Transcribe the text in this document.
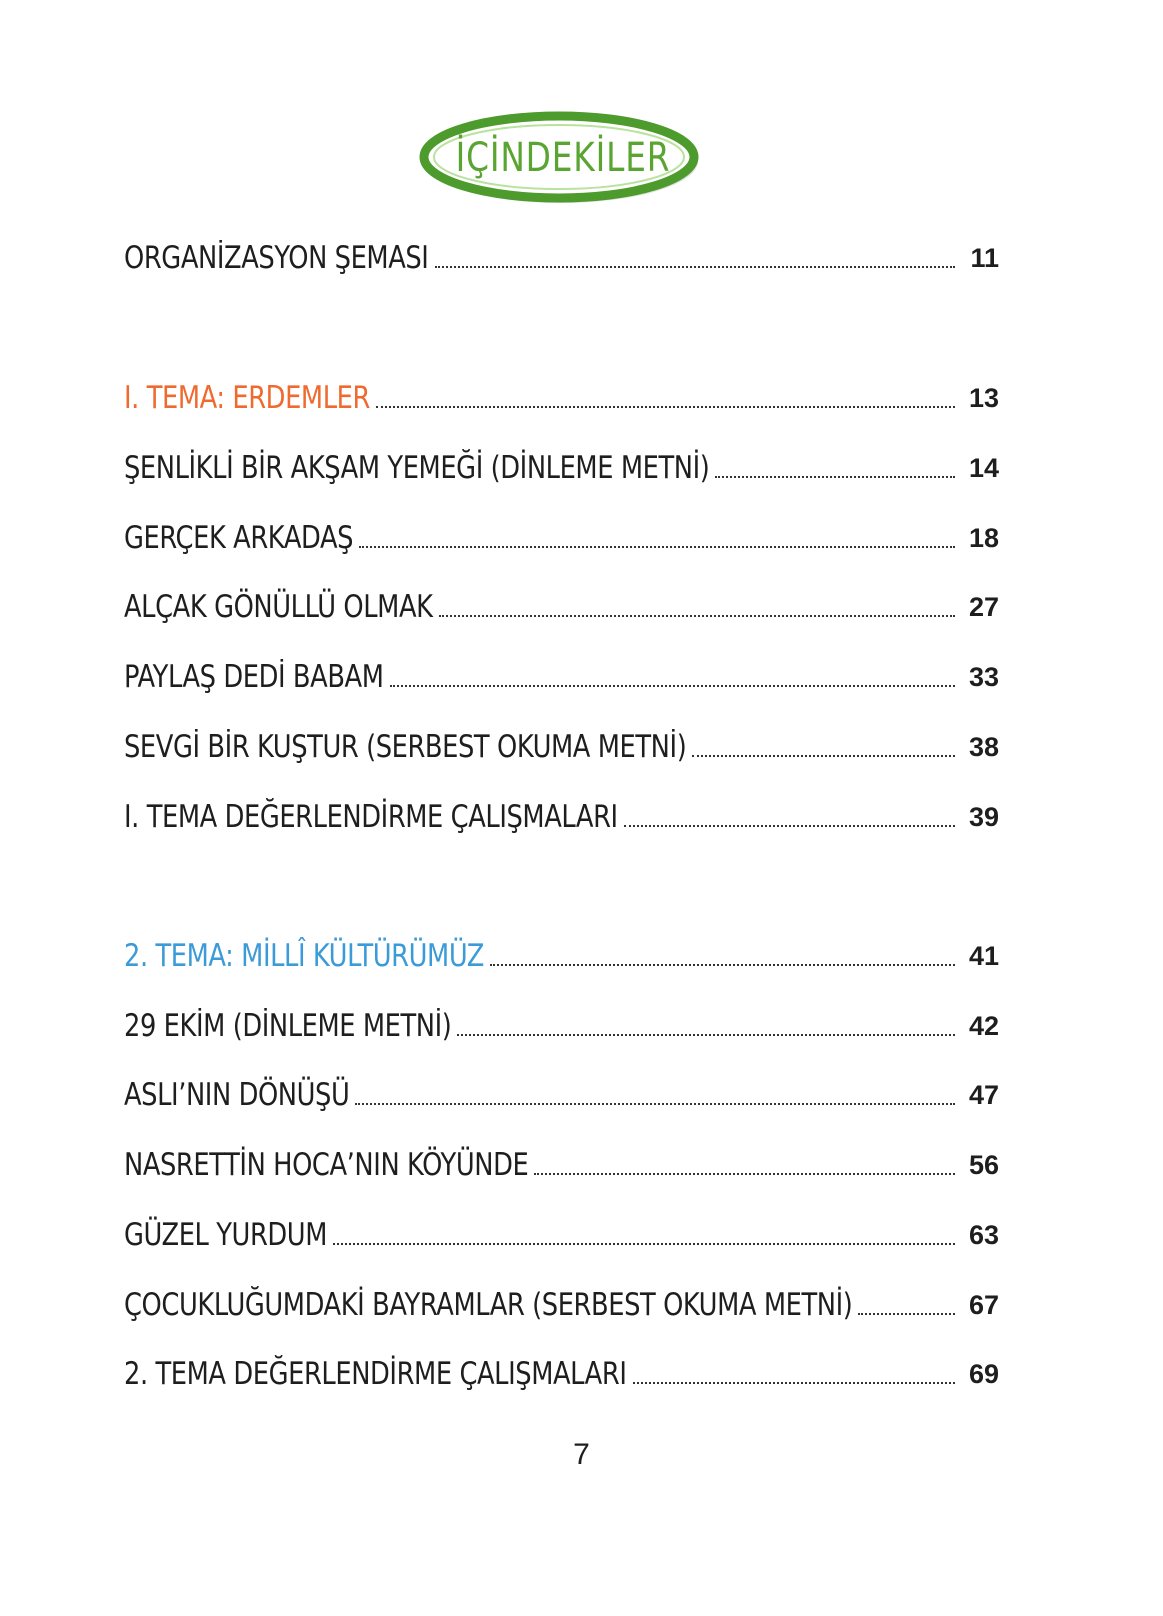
İÇİNDEKİLER
ORGANİZASYON ŞEMASI	11
I. TEMA: ERDEMLER	13
ŞENLİKLİ BİR AKŞAM YEMEĞİ (DİNLEME METNİ)	14
GERÇEK ARKADAŞ	18
ALÇAK GÖNÜLLÜ OLMAK	27
PAYLAŞ DEDİ BABAM	33
SEVGİ BİR KUŞTUR (SERBEST OKUMA METNİ)	38
I. TEMA DEĞERLENDİRME ÇALIŞMALARI	39
2. TEMA: MİLLÎ KÜLTÜRÜMÜZ	41
29 EKİM (DİNLEME METNİ)	42
ASLI’NIN DÖNÜŞÜ	47
NASRETTİN HOCA’NIN KÖYÜNDE	56
GÜZEL YURDUM	63
ÇOCUKLUĞUMDAKİ BAYRAMLAR (SERBEST OKUMA METNİ)	67
2. TEMA DEĞERLENDİRME ÇALIŞMALARI	69
7
